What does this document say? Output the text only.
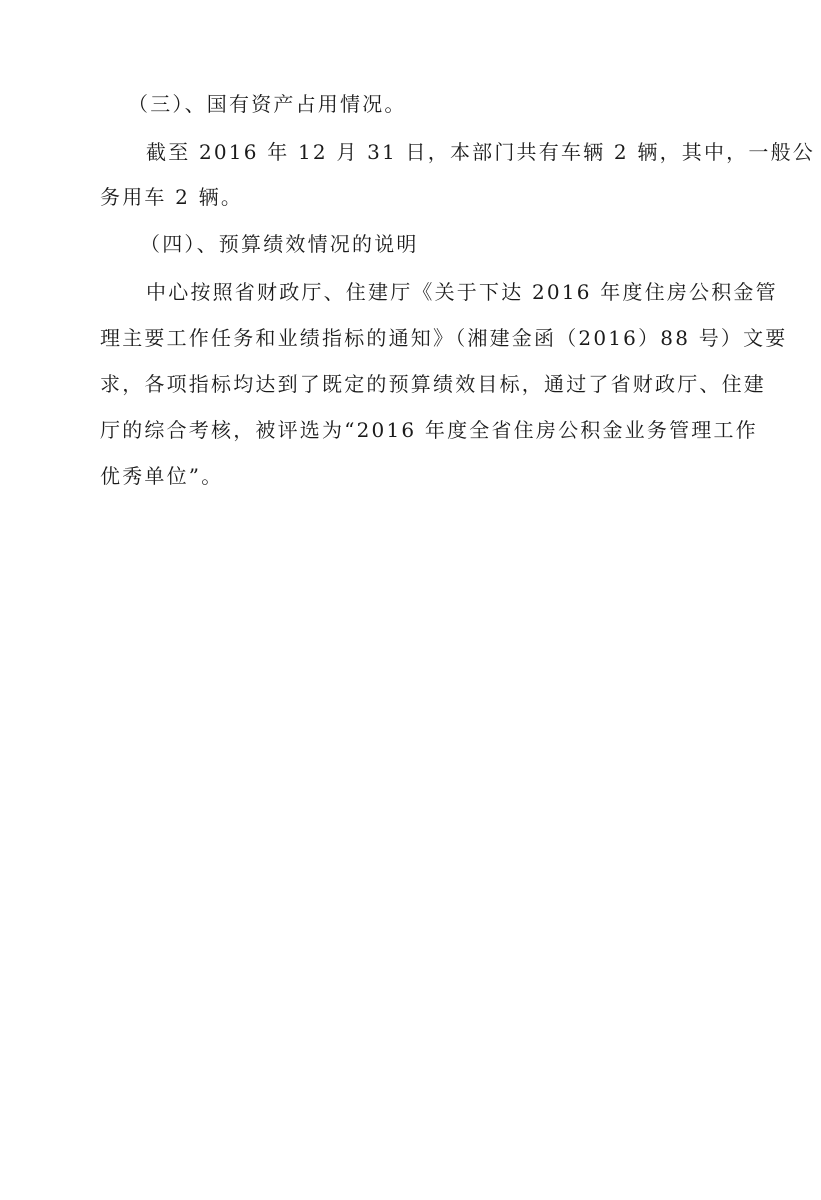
（三）、国有资产占用情况。
截至 2016 年 12 月 31 日，本部门共有车辆 2 辆，其中，一般公
务用车 2 辆。
（四）、预算绩效情况的说明
中心按照省财政厅、住建厅《关于下达 2016 年度住房公积金管
理主要工作任务和业绩指标的通知》（湘建金函（2016）88 号）文要
求，各项指标均达到了既定的预算绩效目标，通过了省财政厅、住建
厅的综合考核，被评选为“2016 年度全省住房公积金业务管理工作
优秀单位”。
